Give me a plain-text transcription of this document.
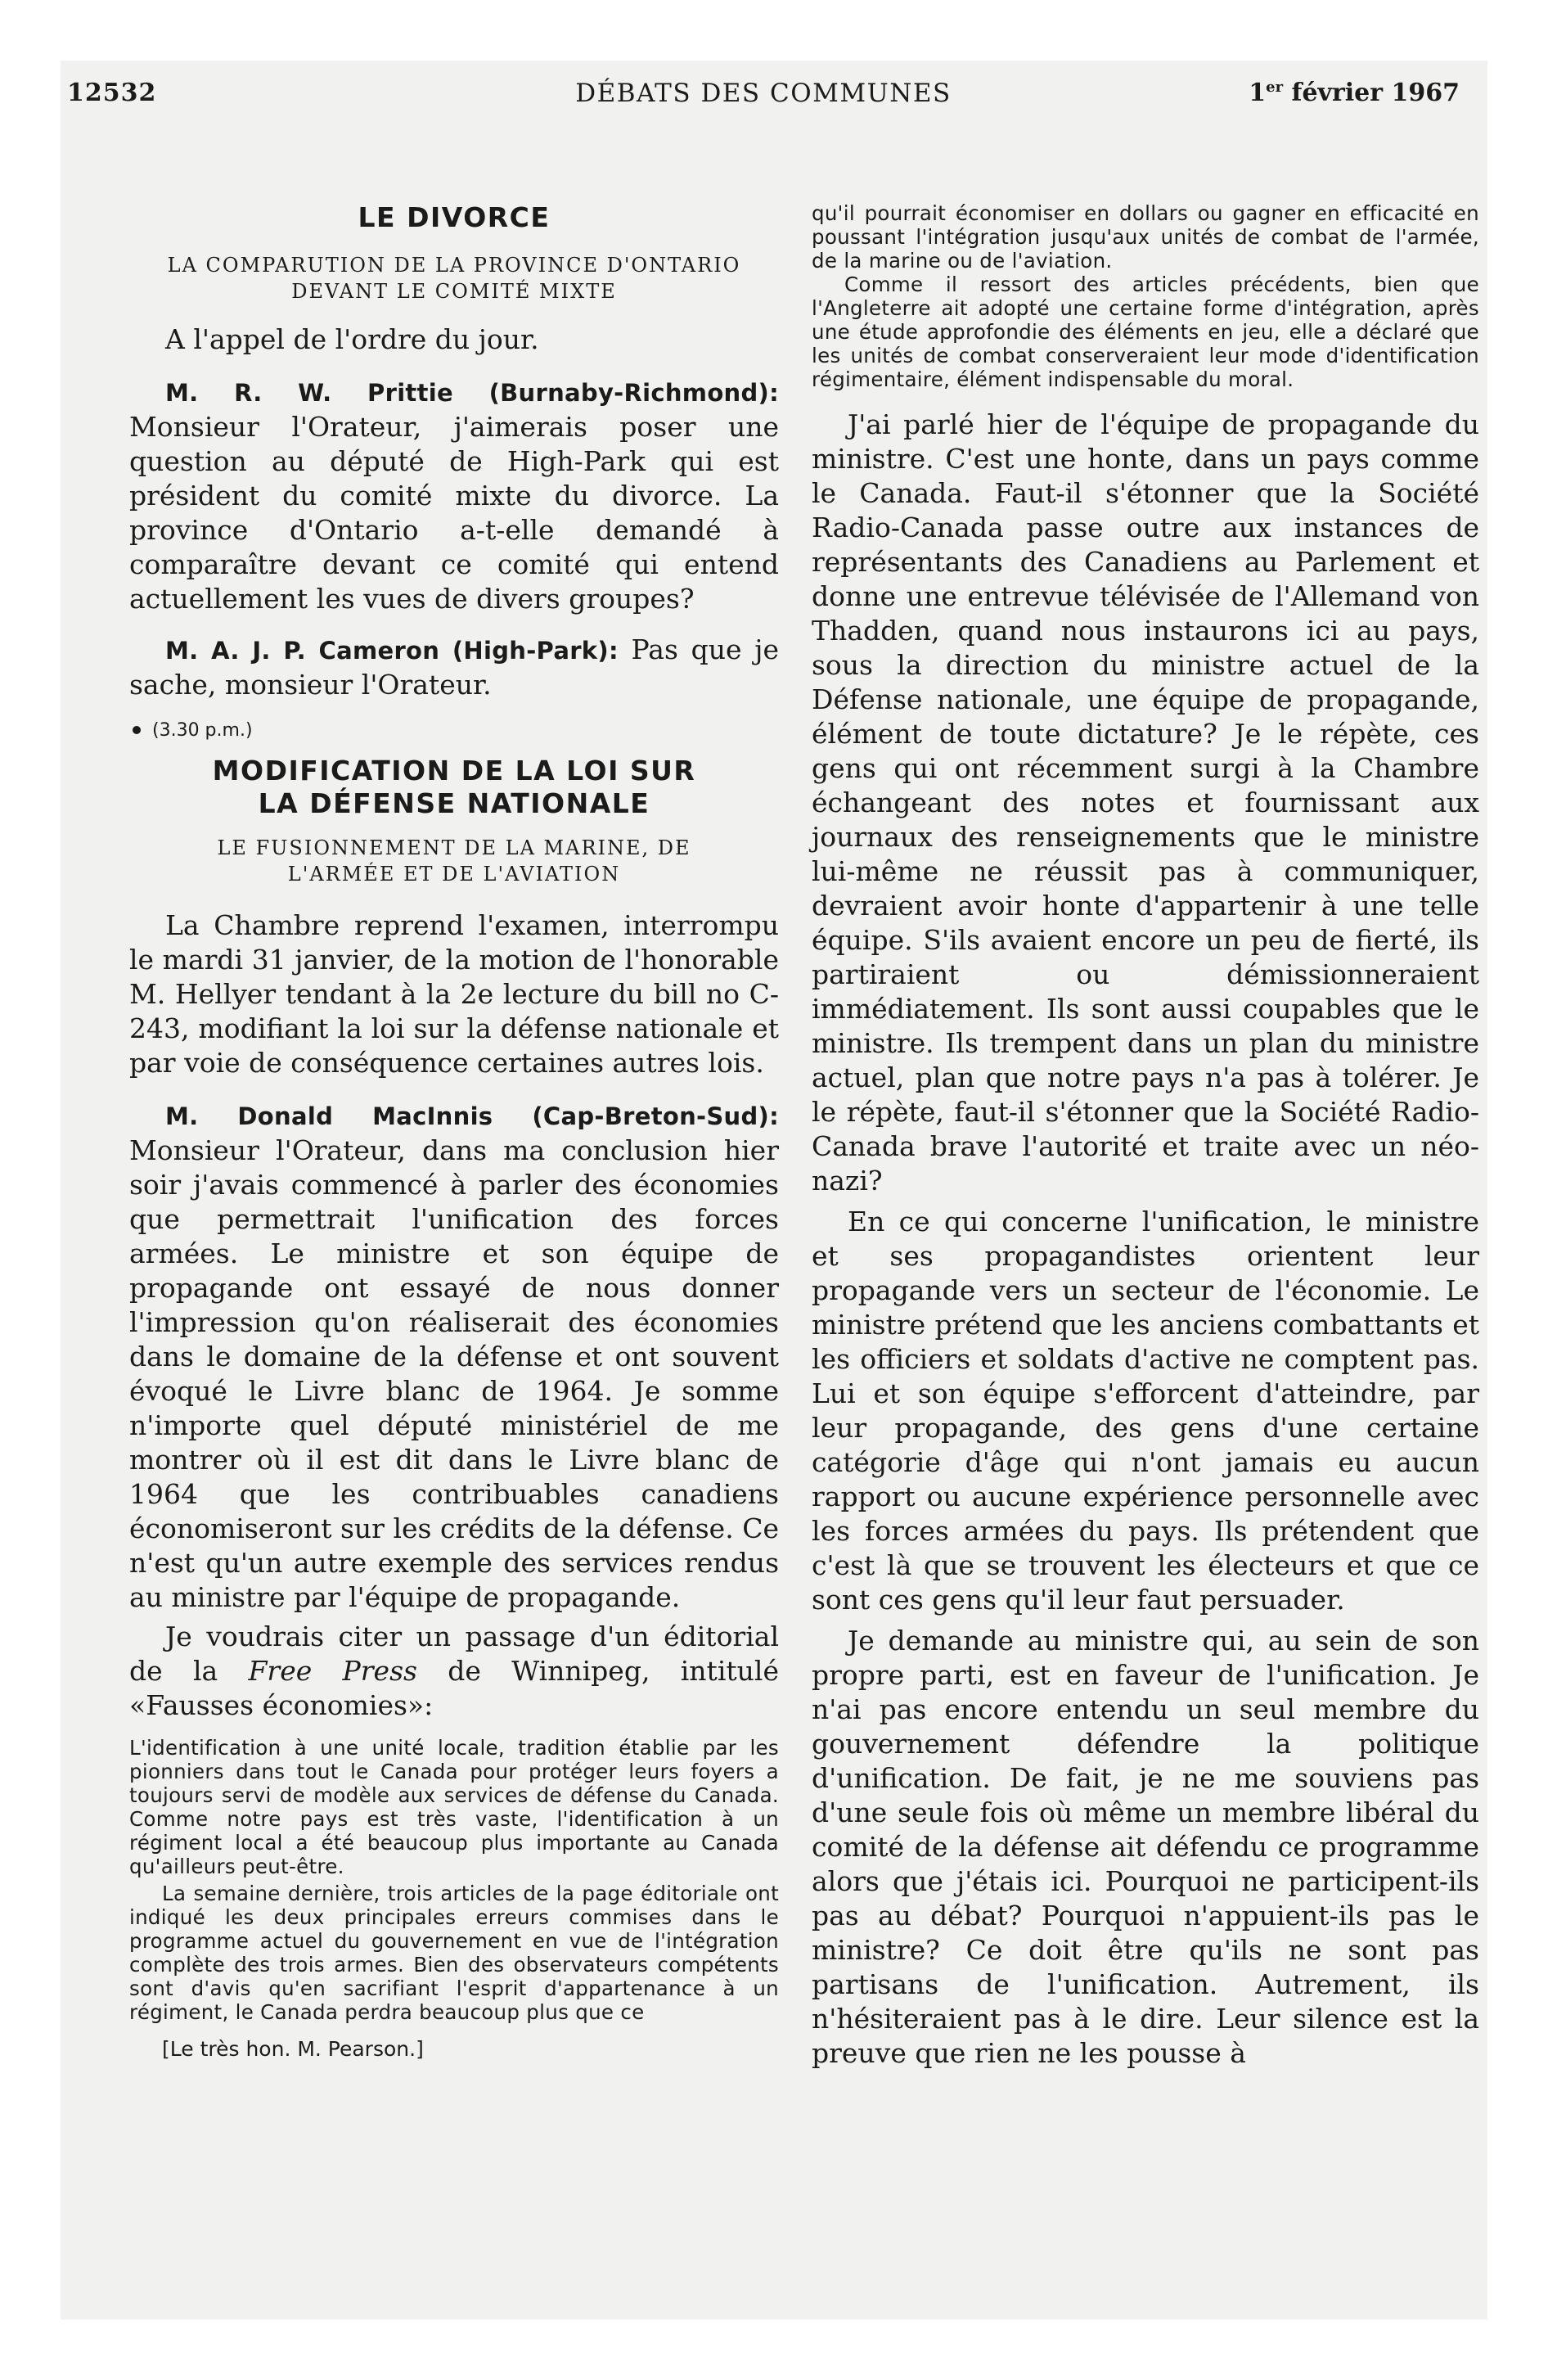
12532	DÉBATS DES COMMUNES	1er février 1967

LE DIVORCE

LA COMPARUTION DE LA PROVINCE D'ONTARIO DEVANT LE COMITÉ MIXTE

A l'appel de l'ordre du jour.

M. R. W. Prittie (Burnaby-Richmond): Monsieur l'Orateur, j'aimerais poser une question au député de High-Park qui est président du comité mixte du divorce. La province d'Ontario a-t-elle demandé à comparaître devant ce comité qui entend actuellement les vues de divers groupes?

M. A. J. P. Cameron (High-Park): Pas que je sache, monsieur l'Orateur.

(3.30 p.m.)

MODIFICATION DE LA LOI SUR

LA DÉFENSE NATIONALE

LE FUSIONNEMENT DE LA MARINE, DE

L'ARMÉE ET DE L'AVIATION

La Chambre reprend l'examen, interrompu le mardi 31 janvier, de la motion de l'honorable M. Hellyer tendant à la 2e lecture du bill no C-243, modifiant la loi sur la défense nationale et par voie de conséquence certaines autres lois.

M. Donald MacInnis (Cap-Breton-Sud): Monsieur l'Orateur, dans ma conclusion hier soir j'avais commencé à parler des économies que permettrait l'unification des forces armées. Le ministre et son équipe de propagande ont essayé de nous donner l'impression qu'on réaliserait des économies dans le domaine de la défense et ont souvent évoqué le Livre blanc de 1964. Je somme n'importe quel député ministériel de me montrer où il est dit dans le Livre blanc de 1964 que les contribuables canadiens économiseront sur les crédits de la défense. Ce n'est qu'un autre exemple des services rendus au ministre par l'équipe de propagande.

Je voudrais citer un passage d'un éditorial de la Free Press de Winnipeg, intitulé «Fausses économies»:

L'identification à une unité locale, tradition établie par les pionniers dans tout le Canada pour protéger leurs foyers a toujours servi de modèle aux services de défense du Canada. Comme notre pays est très vaste, l'identification à un régiment local a été beaucoup plus importante au Canada qu'ailleurs peut-être.

La semaine dernière, trois articles de la page éditoriale ont indiqué les deux principales erreurs commises dans le programme actuel du gouvernement en vue de l'intégration complète des trois armes. Bien des observateurs compétents sont d'avis qu'en sacrifiant l'esprit d'appartenance à un régiment, le Canada perdra beaucoup plus que ce

[Le très hon. M. Pearson.]

qu'il pourrait économiser en dollars ou gagner en efficacité en poussant l'intégration jusqu'aux unités de combat de l'armée, de la marine ou de l'aviation.

Comme il ressort des articles précédents, bien que l'Angleterre ait adopté une certaine forme d'intégration, après une étude approfondie des éléments en jeu, elle a déclaré que les unités de combat conserveraient leur mode d'identification régimentaire, élément indispensable du moral.

J'ai parlé hier de l'équipe de propagande du ministre. C'est une honte, dans un pays comme le Canada. Faut-il s'étonner que la Société Radio-Canada passe outre aux instances de représentants des Canadiens au Parlement et donne une entrevue télévisée de l'Allemand von Thadden, quand nous instaurons ici au pays, sous la direction du ministre actuel de la Défense nationale, une équipe de propagande, élément de toute dictature? Je le répète, ces gens qui ont récemment surgi à la Chambre échangeant des notes et fournissant aux journaux des renseignements que le ministre lui-même ne réussit pas à communiquer, devraient avoir honte d'appartenir à une telle équipe. S'ils avaient encore un peu de fierté, ils partiraient ou démissionneraient immédiatement. Ils sont aussi coupables que le ministre. Ils trempent dans un plan du ministre actuel, plan que notre pays n'a pas à tolérer. Je le répète, faut-il s'étonner que la Société Radio-Canada brave l'autorité et traite avec un néo-nazi?

En ce qui concerne l'unification, le ministre et ses propagandistes orientent leur propagande vers un secteur de l'économie. Le ministre prétend que les anciens combattants et les officiers et soldats d'active ne comptent pas. Lui et son équipe s'efforcent d'atteindre, par leur propagande, des gens d'une certaine catégorie d'âge qui n'ont jamais eu aucun rapport ou aucune expérience personnelle avec les forces armées du pays. Ils prétendent que c'est là que se trouvent les électeurs et que ce sont ces gens qu'il leur faut persuader.

Je demande au ministre qui, au sein de son propre parti, est en faveur de l'unification. Je n'ai pas encore entendu un seul membre du gouvernement défendre la politique d'unification. De fait, je ne me souviens pas d'une seule fois où même un membre libéral du comité de la défense ait défendu ce programme alors que j'étais ici. Pourquoi ne participent-ils pas au débat? Pourquoi n'appuient-ils pas le ministre? Ce doit être qu'ils ne sont pas partisans de l'unification. Autrement, ils n'hésiteraient pas à le dire. Leur silence est la preuve que rien ne les pousse à
